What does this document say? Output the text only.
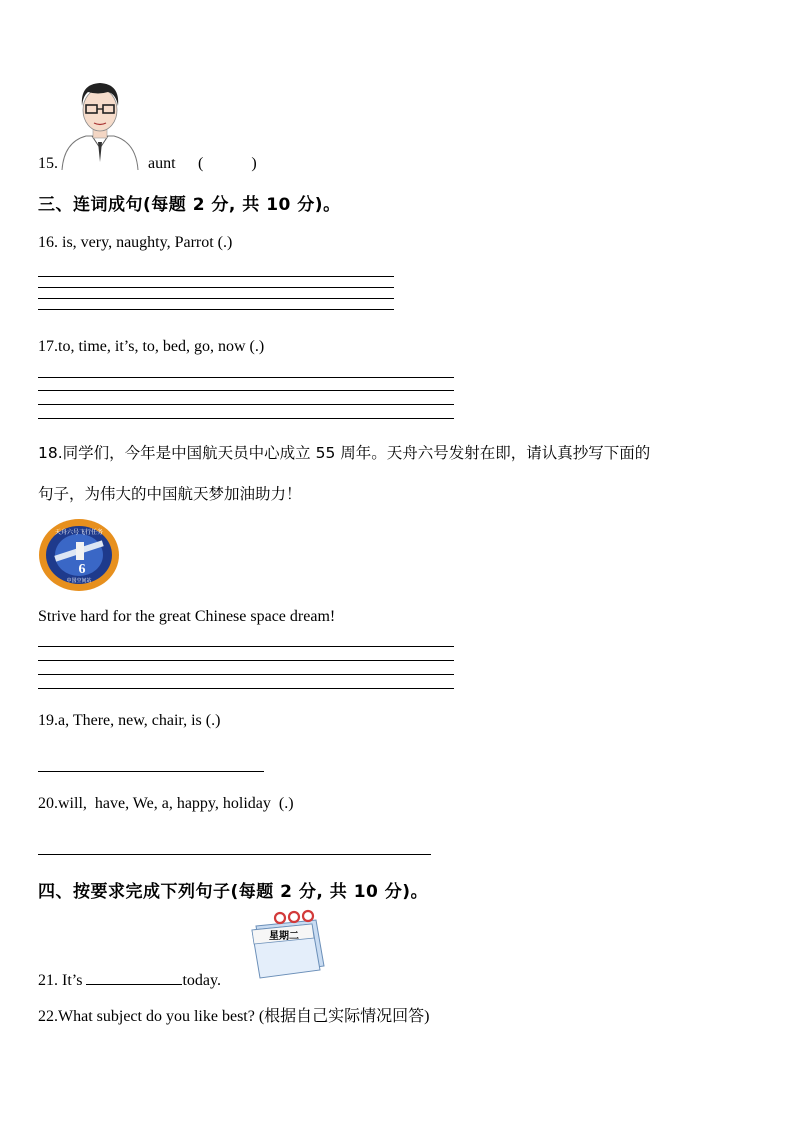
15.	aunt (            )
三、连词成句(每题 2 分, 共 10 分)。
16. is, very, naughty, Parrot (.)
17.to, time, it’s, to, bed, go, now (.)
18.同学们，今年是中国航天员中心成立 55 周年。天舟六号发射在即，请认真抄写下面的
句子，为伟大的中国航天梦加油助力！
天舟六号飞行任务
中国空间站
6
Strive hard for the great Chinese space dream!
19.a, There, new, chair, is (.)
20.will,  have, We, a, happy, holiday  (.)
四、按要求完成下列句子(每题 2 分, 共 10 分)。
星期二
21. It’s	today.
22.What subject do you like best? (根据自己实际情况回答)
